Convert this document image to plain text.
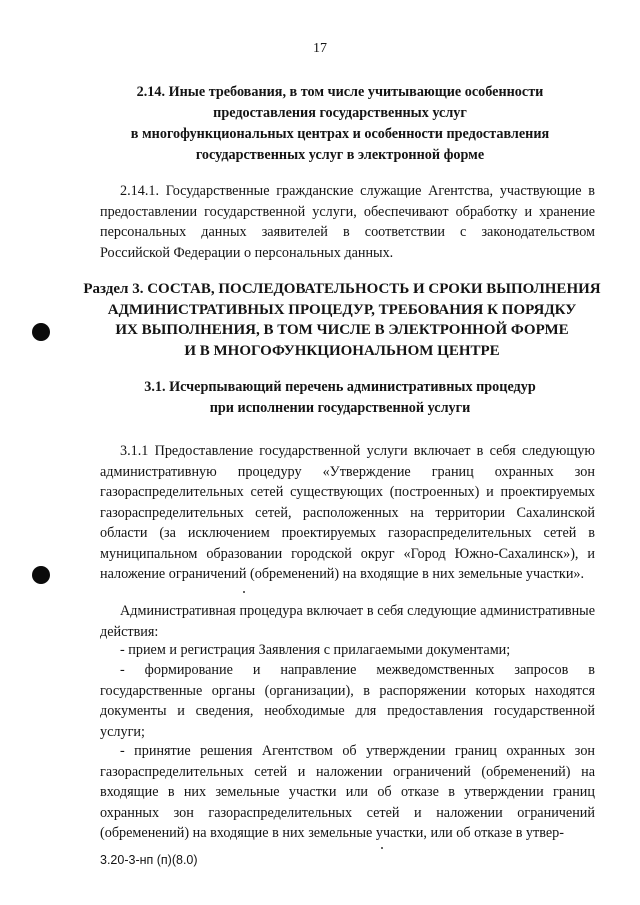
17
2.14. Иные требования, в том числе учитывающие особенности
предоставления государственных услуг
в многофункциональных центрах и особенности предоставления
государственных услуг в электронной форме

2.14.1. Государственные гражданские служащие Агентства, участвующие в предоставлении государственной услуги, обеспечивают обработку и хранение персональных данных заявителей в соответствии с законодательством Российской Федерации о персональных данных.

Раздел 3. СОСТАВ, ПОСЛЕДОВАТЕЛЬНОСТЬ И СРОКИ ВЫПОЛНЕНИЯ
АДМИНИСТРАТИВНЫХ ПРОЦЕДУР, ТРЕБОВАНИЯ К ПОРЯДКУ
ИХ ВЫПОЛНЕНИЯ, В ТОМ ЧИСЛЕ В ЭЛЕКТРОННОЙ ФОРМЕ
И В МНОГОФУНКЦИОНАЛЬНОМ ЦЕНТРЕ
3.1. Исчерпывающий перечень административных процедур
при исполнении государственной услуги

3.1.1 Предоставление государственной услуги включает в себя следующую административную процедуру «Утверждение границ охранных зон газораспределительных сетей существующих (построенных) и проектируемых газораспределительных сетей, расположенных на территории Сахалинской области (за исключением проектируемых газораспределительных сетей в муниципальном образовании городской округ «Город Южно-Сахалинск»), и наложение ограничений (обременений) на входящие в них земельные участки».

Административная процедура включает в себя следующие административные действия:

- прием и регистрация Заявления с прилагаемыми документами;

- формирование и направление межведомственных запросов в государственные органы (организации), в распоряжении которых находятся документы и сведения, необходимые для предоставления государственной услуги;

- принятие решения Агентством об утверждении границ охранных зон газораспределительных сетей и наложении ограничений (обременений) на входящие в них земельные участки или об отказе в утверждении границ охранных зон газораспределительных сетей и наложении ограничений (обременений) на входящие в них земельные участки, или об отказе в утвер-

3.20-3-нп (п)(8.0)
